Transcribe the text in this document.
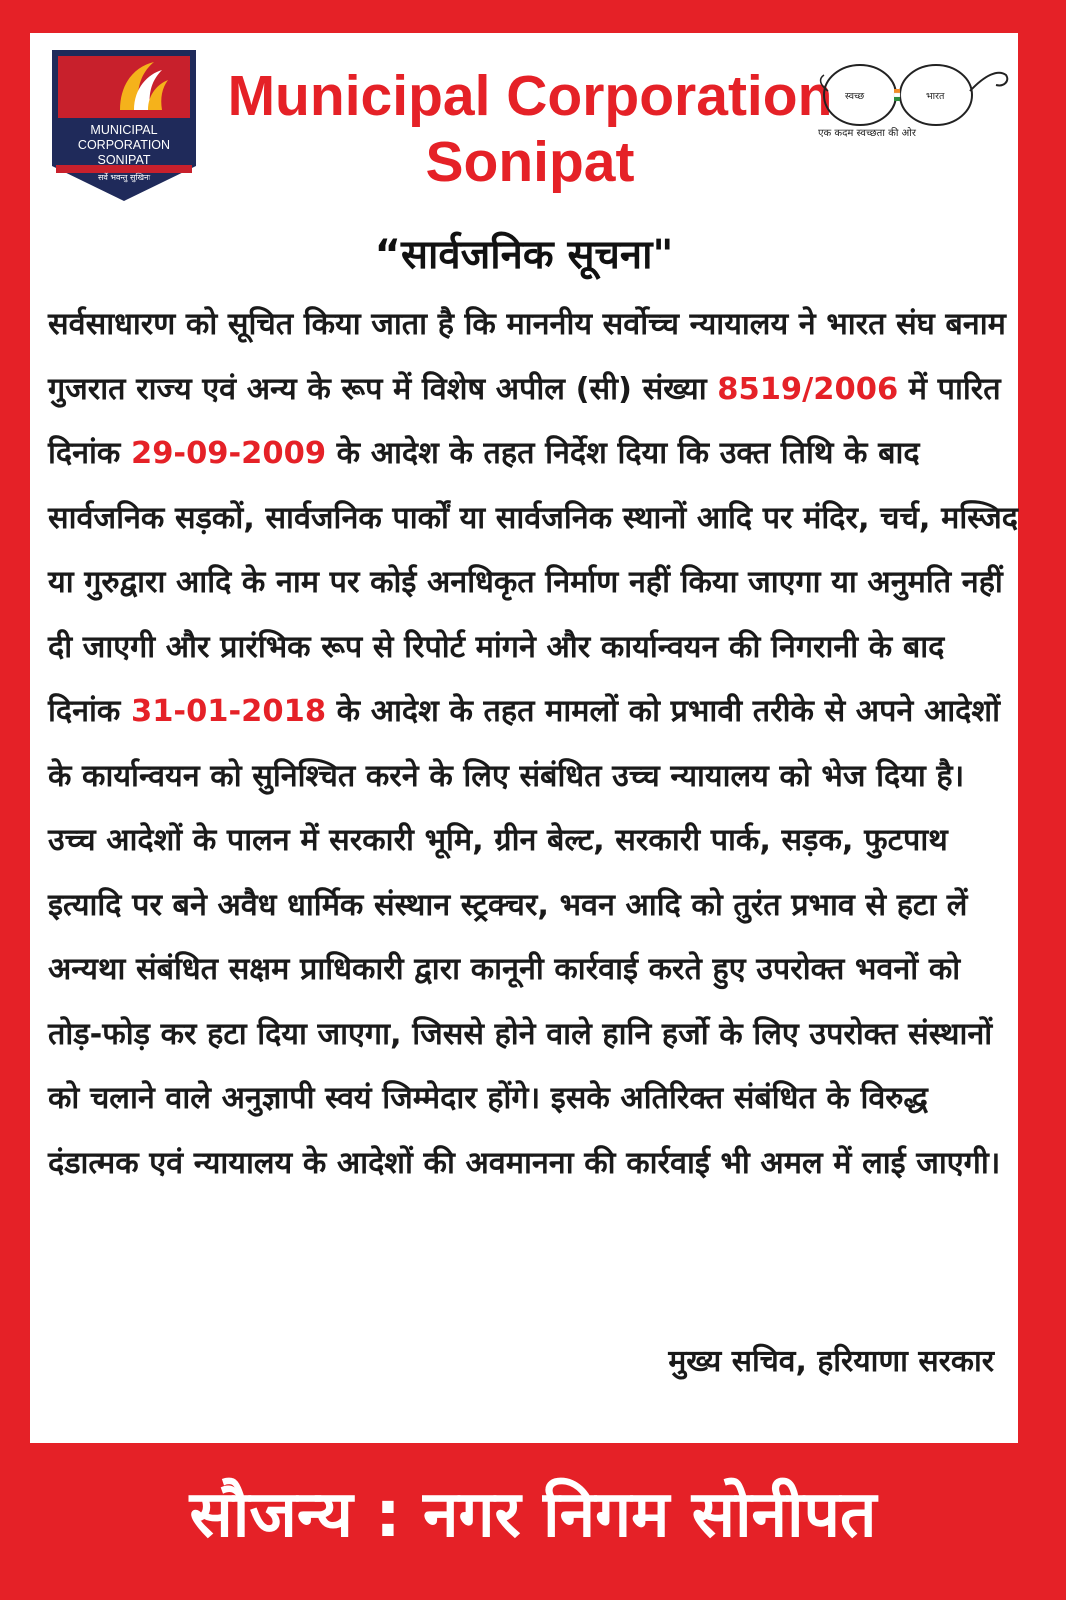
MUNICIPAL
CORPORATION
SONIPAT
सर्वे भवन्तु सुखिनः
Municipal Corporation
Sonipat
स्वच्छ	भारत
एक कदम स्वच्छता की ओर
“सार्वजनिक सूचना"
सर्वसाधारण को सूचित किया जाता है कि माननीय सर्वोच्च न्यायालय ने भारत संघ बनाम गुजरात राज्य एवं अन्य के रूप में विशेष अपील (सी) संख्या 8519/2006 में पारित दिनांक 29-09-2009 के आदेश के तहत निर्देश दिया कि उक्त तिथि के बाद सार्वजनिक सड़कों, सार्वजनिक पार्कों या सार्वजनिक स्थानों आदि पर मंदिर, चर्च, मस्जिद या गुरुद्वारा आदि के नाम पर कोई अनधिकृत निर्माण नहीं किया जाएगा या अनुमति नहीं दी जाएगी और प्रारंभिक रूप से रिपोर्ट मांगने और कार्यान्वयन की निगरानी के बाद दिनांक 31-01-2018 के आदेश के तहत मामलों को प्रभावी तरीके से अपने आदेशों के कार्यान्वयन को सुनिश्चित करने के लिए संबंधित उच्च न्यायालय को भेज दिया है। उच्च आदेशों के पालन में सरकारी भूमि, ग्रीन बेल्ट, सरकारी पार्क, सड़क, फुटपाथ इत्यादि पर बने अवैध धार्मिक संस्थान स्ट्रक्चर, भवन आदि को तुरंत प्रभाव से हटा लें अन्यथा संबंधित सक्षम प्राधिकारी द्वारा कानूनी कार्रवाई करते हुए उपरोक्त भवनों को तोड़-फोड़ कर हटा दिया जाएगा, जिससे होने वाले हानि हर्जो के लिए उपरोक्त संस्थानों को चलाने वाले अनुज्ञापी स्वयं जिम्मेदार होंगे। इसके अतिरिक्त संबंधित के विरुद्ध दंडात्मक एवं न्यायालय के आदेशों की अवमानना की कार्रवाई भी अमल में लाई जाएगी।
मुख्य सचिव, हरियाणा सरकार
सौजन्य : नगर निगम सोनीपत
